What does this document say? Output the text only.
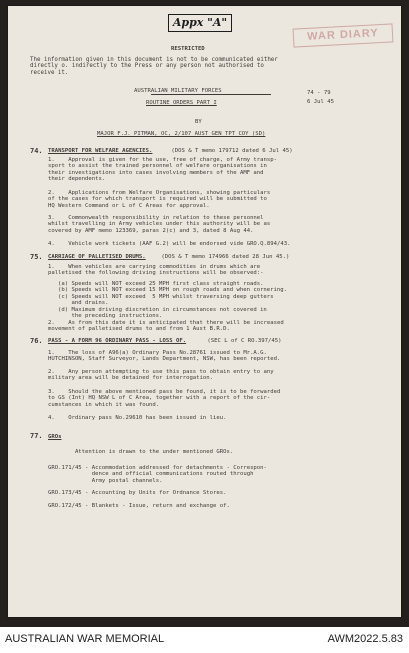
Appx "A"
WAR DIARY
RESTRICTED
The information given in this document is not to be communicated either
directly o. indirectly to the Press or any person not authorised to
receive it.
AUSTRALIAN MILITARY FORCES
ROUTINE ORDERS PART I
74 - 79
6 Jul 45
BY
MAJOR F.J. PITMAN, OC, 2/107 AUST GEN TPT COY (SD)
74. TRANSPORT FOR WELFARE AGENCIES.	(DOS & T memo 179712 dated 6 Jul 45)
1.    Approval is given for the use, free of charge, of Army transp-
sport to assist the trained personnel of welfare organisations in
their investigations into cases involving members of the AMF and
their dependents.
2.    Applications from Welfare Organisations, showing particulars
of the cases for which transport is required will be submitted to
HQ Western Command or L of C Areas for approval.
3.    Commonwealth responsibility in relation to these personnel
whilst travelling in Army vehicles under this authority will be as
covered by AMF memo 123369, paras 2(c) and 3, dated 8 Aug 44.
4.    Vehicle work tickets (AAF G.2) will be endorsed vide GRO.Q.894/43.
75. CARRIAGE OF PALLETISED DRUMS. (DOS & T memo 174966 dated 28 Jun 45.)
1.    When vehicles are carrying commodities in drums which are
palletised the following driving instructions will be observed:-
(a) Speeds will NOT exceed 25 MPH first class straight roads.
(b) Speeds will NOT exceed 15 MPH on rough roads and when cornering.
(c) Speeds will NOT exceed  5 MPH whilst traversing deep gutters
and drains.
(d) Maximum driving discretion in circumstances not covered in
the preceding instructions.
2.    As from this date it is anticipated that there will be increased
movement of palletised drums to and from 1 Aust B.R.D.
76. PASS - A FORM 96 ORDINARY PASS - LOSS OF.	(SEC L of C RO.397/45)
1.    The loss of A96(a) Ordinary Pass No.28761 issued to Mr.A.G.
HUTCHINSON, Staff Surveyor, Lands Department, NSW, has been reported.
2.    Any person attempting to use this pass to obtain entry to any
military area will be detained for interrogation.
3.    Should the above mentioned pass be found, it is to be forwarded
to GS (Int) HQ NSW L of C Area, together with a report of the cir-
cumstances in which it was found.
4.    Ordinary pass No.29610 has been issued in lieu.
77. GROs
Attention is drawn to the under mentioned GROs.
GRO.171/45 - Accommodation addressed for detachments - Correspon-
dence and official communications routed through
Army postal channels.
GRO.173/45 - Accounting by Units for Ordnance Stores.
GRO.172/45 - Blankets - Issue, return and exchange of.
AUSTRALIAN WAR MEMORIAL	AWM2022.5.83
